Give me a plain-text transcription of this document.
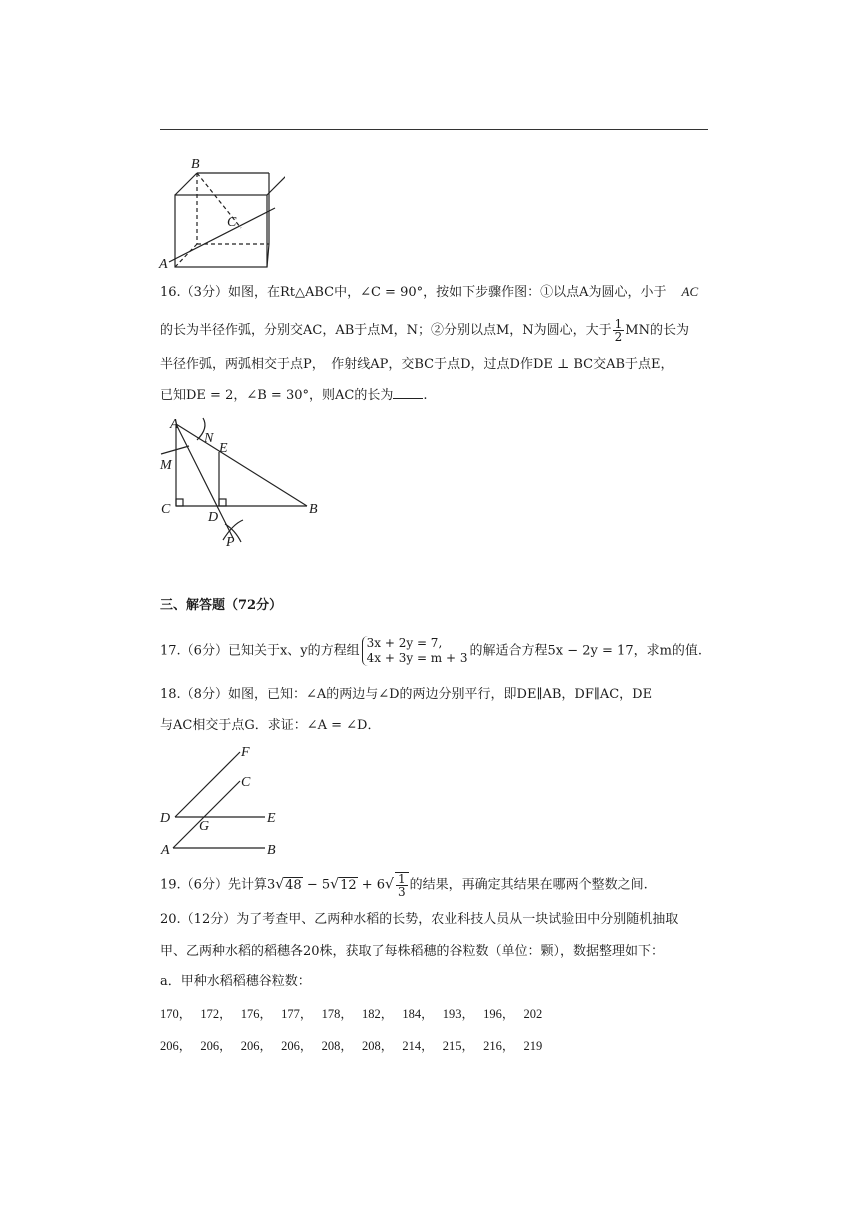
B
C
A
16.（3分）如图，在Rt△ABC中，∠C = 90°，按如下步骤作图：①以点A为圆心，小于 AC
的长为半径作弧，分别交AC，AB于点M，N；②分别以点M，N为圆心，大于 $\frac{1}{2}$ MN的长为
半径作弧，两弧相交于点P，　作射线AP，交BC于点D，过点D作DE ⊥ BC交AB于点E，
已知DE = 2，∠B = 30°，则AC的长为 .
A
N
E
M
C
D
B
P
三、解答题（72分）
17.（6分）已知关于x、y的方程组
3x + 2y = 7,
4x + 3y = m + 3 的解适合方程5x − 2y = 17，求m的值.
18.（8分）如图，已知：∠A的两边与∠D的两边分别平行，即DE∥AB，DF∥AC，DE
与AC相交于点G．求证：∠A = ∠D．
F
C
D
G
E
A	B
19.（6分）先计算$3√48 - 5√12 + 6√ \frac{1}{3}$ 的结果，再确定其结果在哪两个整数之间.
20.（12分）为了考查甲、乙两种水稻的长势，农业科技人员从一块试验田中分别随机抽取
甲、乙两种水稻的稻穗各20株，获取了每株稻穗的谷粒数（单位：颗），数据整理如下：
a．甲种水稻稻穗谷粒数：
170， 172， 176， 177， 178， 182， 184， 193， 196， 202
206， 206， 206， 206， 208， 208， 214， 215， 216， 219
